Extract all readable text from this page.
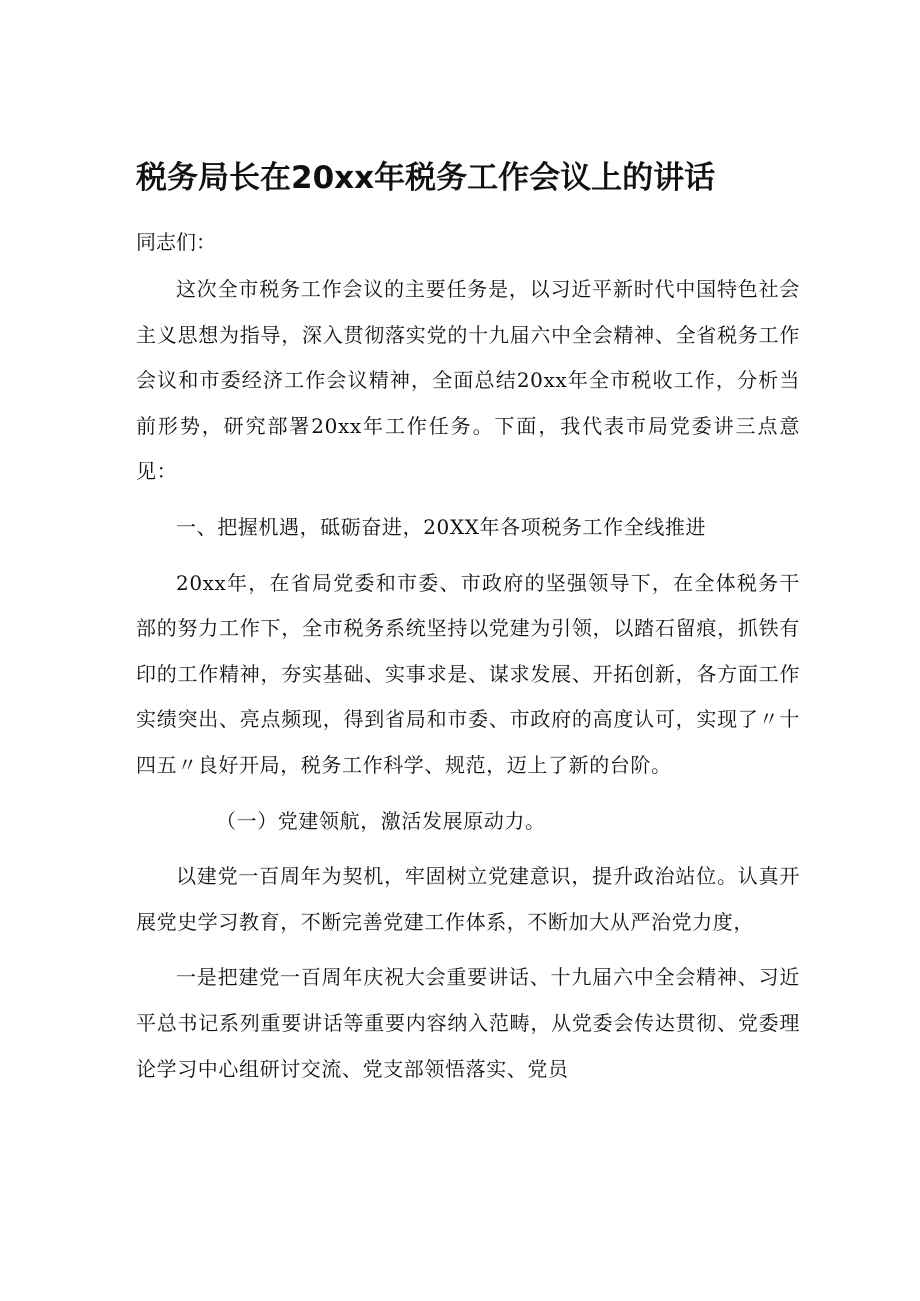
税务局长在20xx年税务工作会议上的讲话

同志们：

这次全市税务工作会议的主要任务是，以习近平新时代中国特色社会主义思想为指导，深入贯彻落实党的十九届六中全会精神、全省税务工作会议和市委经济工作会议精神，全面总结20xx年全市税收工作，分析当前形势，研究部署20xx年工作任务。下面，我代表市局党委讲三点意见：

一、把握机遇，砥砺奋进，20XX年各项税务工作全线推进

20xx年，在省局党委和市委、市政府的坚强领导下，在全体税务干部的努力工作下，全市税务系统坚持以党建为引领，以踏石留痕，抓铁有印的工作精神，夯实基础、实事求是、谋求发展、开拓创新，各方面工作实绩突出、亮点频现，得到省局和市委、市政府的高度认可，实现了〃十四五〃良好开局，税务工作科学、规范，迈上了新的台阶。

（一）党建领航，激活发展原动力。

以建党一百周年为契机，牢固树立党建意识，提升政治站位。认真开展党史学习教育，不断完善党建工作体系，不断加大从严治党力度，

一是把建党一百周年庆祝大会重要讲话、十九届六中全会精神、习近平总书记系列重要讲话等重要内容纳入范畴，从党委会传达贯彻、党委理论学习中心组研讨交流、党支部领悟落实、党员
